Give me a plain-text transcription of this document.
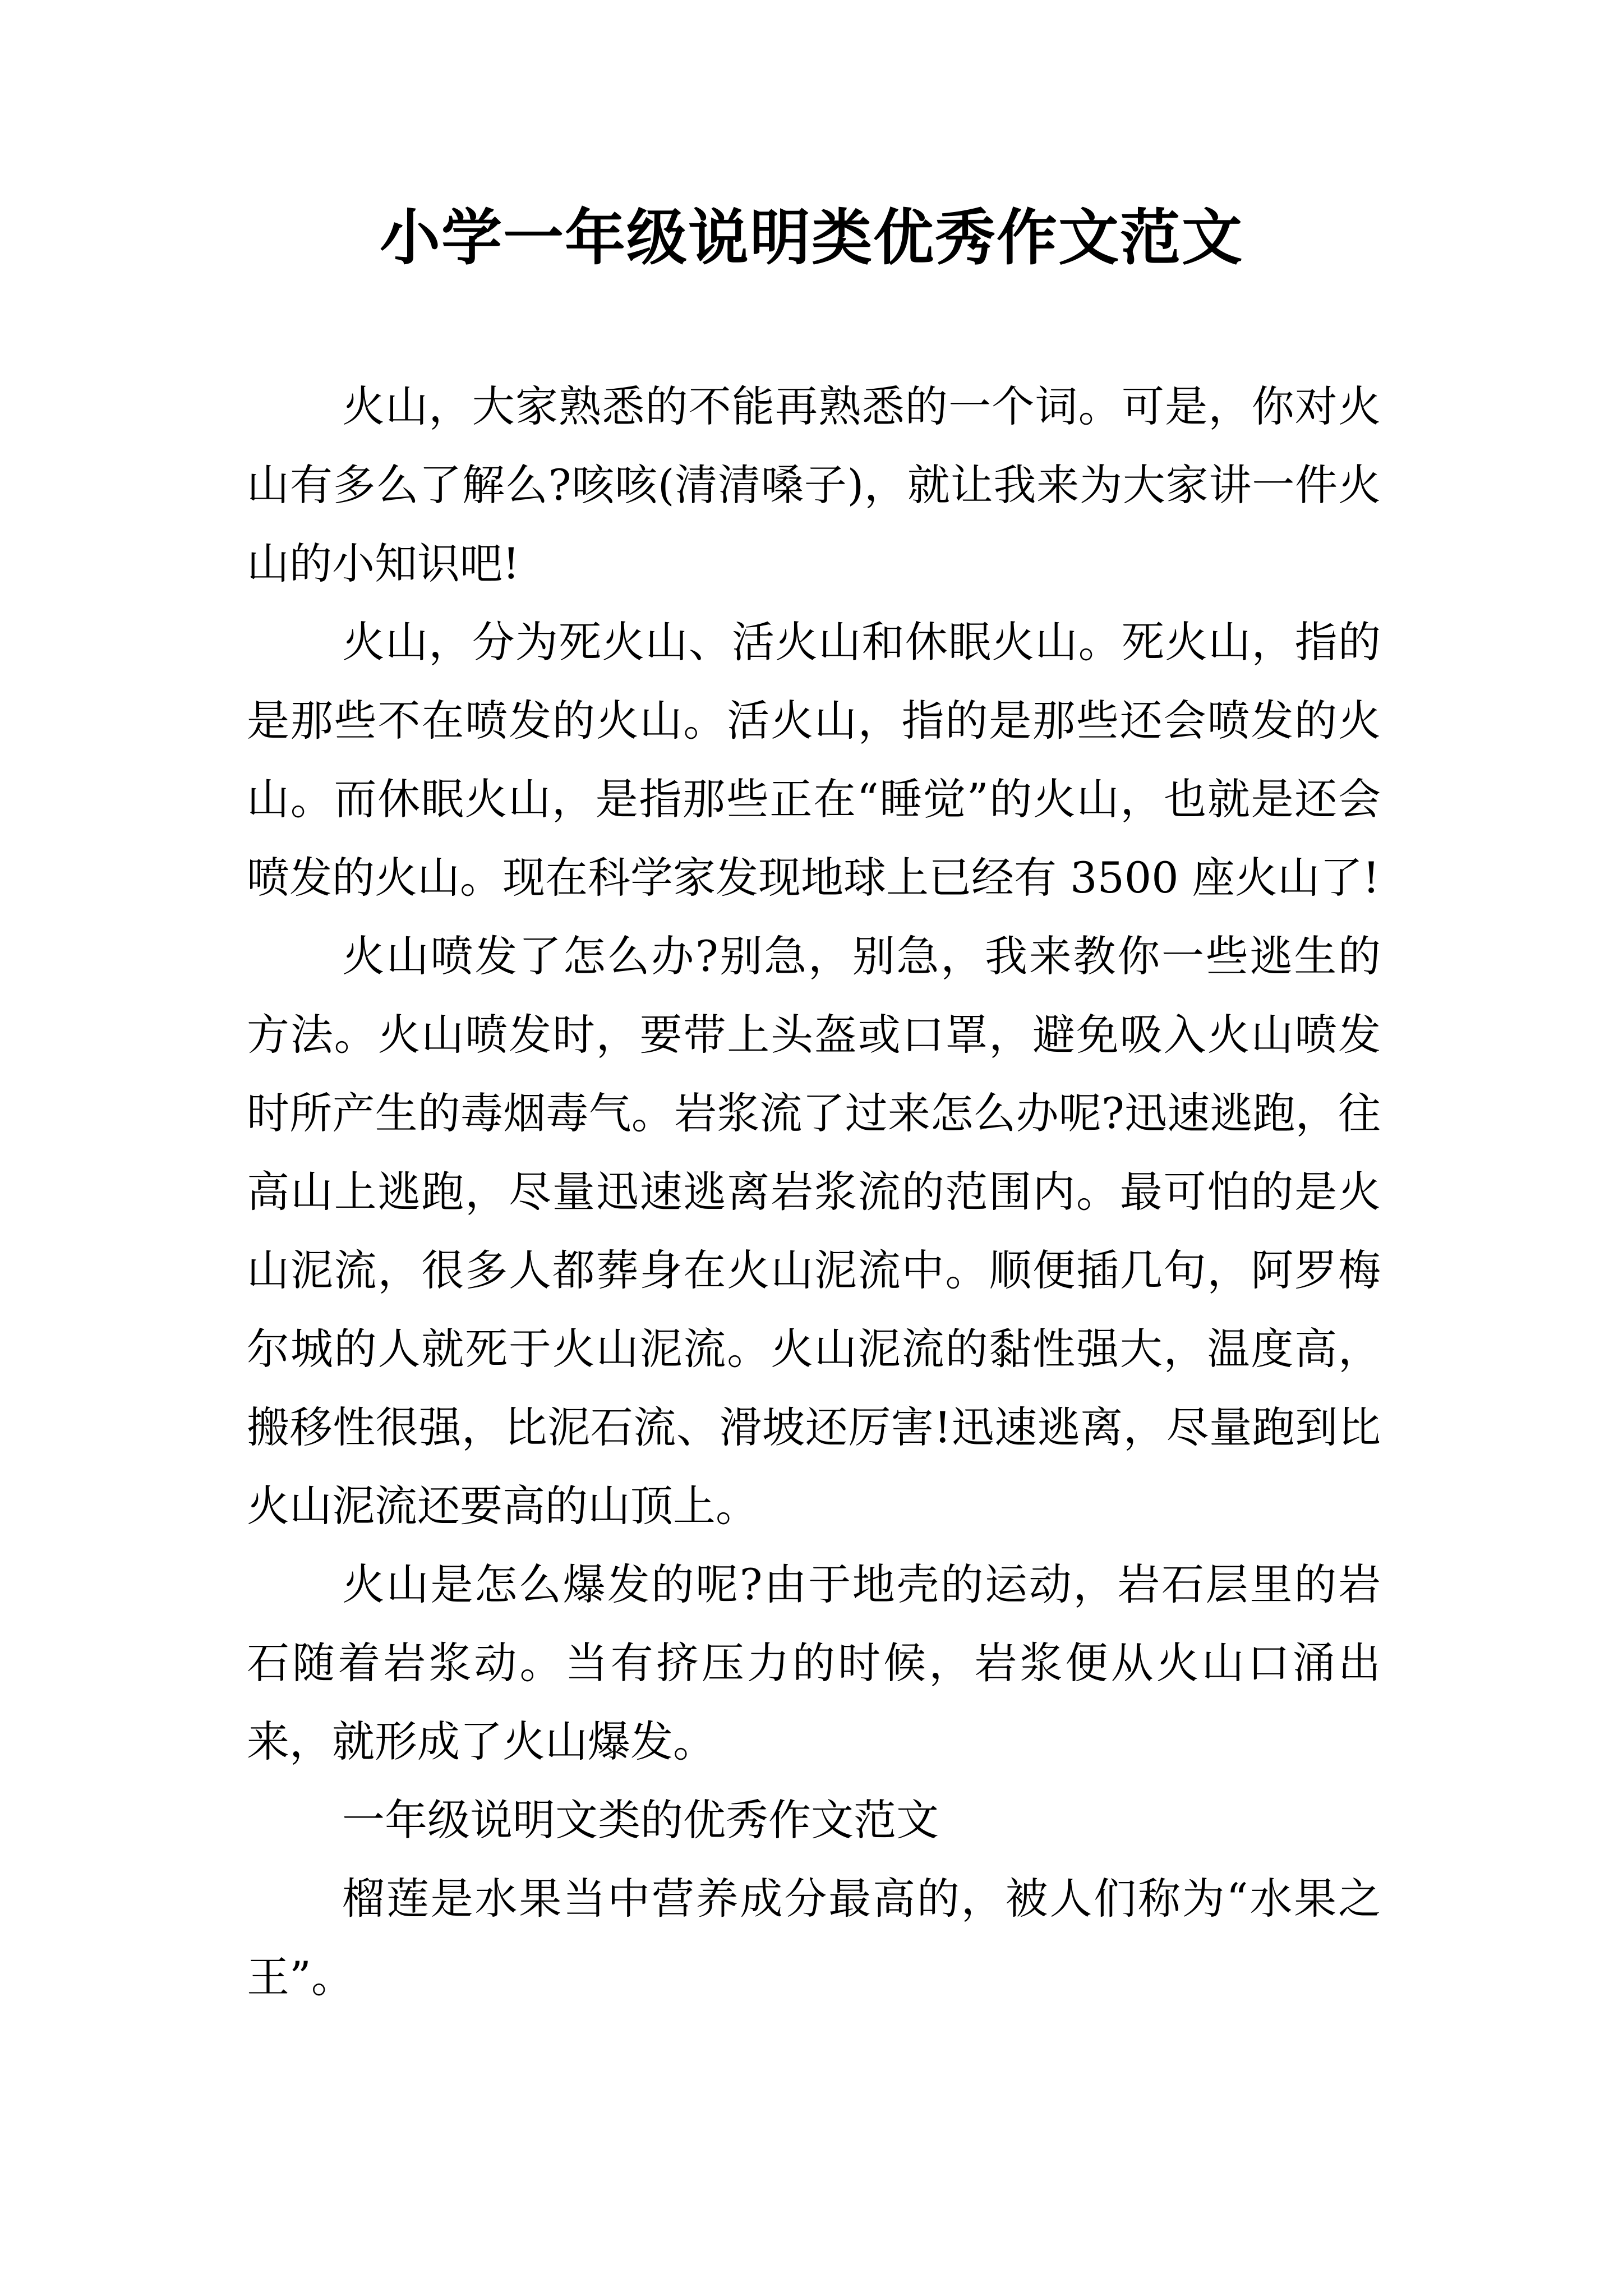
小学一年级说明类优秀作文范文

火山，大家熟悉的不能再熟悉的一个词。可是，你对火山有多么了解么?咳咳(清清嗓子)，就让我来为大家讲一件火山的小知识吧!

火山，分为死火山、活火山和休眠火山。死火山，指的是那些不在喷发的火山。活火山，指的是那些还会喷发的火山。而休眠火山，是指那些正在“睡觉”的火山，也就是还会喷发的火山。现在科学家发现地球上已经有 3500 座火山了!

火山喷发了怎么办?别急，别急，我来教你一些逃生的方法。火山喷发时，要带上头盔或口罩，避免吸入火山喷发时所产生的毒烟毒气。岩浆流了过来怎么办呢?迅速逃跑，往高山上逃跑，尽量迅速逃离岩浆流的范围内。最可怕的是火山泥流，很多人都葬身在火山泥流中。顺便插几句，阿罗梅尔城的人就死于火山泥流。火山泥流的黏性强大，温度高，搬移性很强，比泥石流、滑坡还厉害!迅速逃离，尽量跑到比火山泥流还要高的山顶上。

火山是怎么爆发的呢?由于地壳的运动，岩石层里的岩石随着岩浆动。当有挤压力的时候，岩浆便从火山口涌出来，就形成了火山爆发。

一年级说明文类的优秀作文范文

榴莲是水果当中营养成分最高的，被人们称为“水果之王”。
